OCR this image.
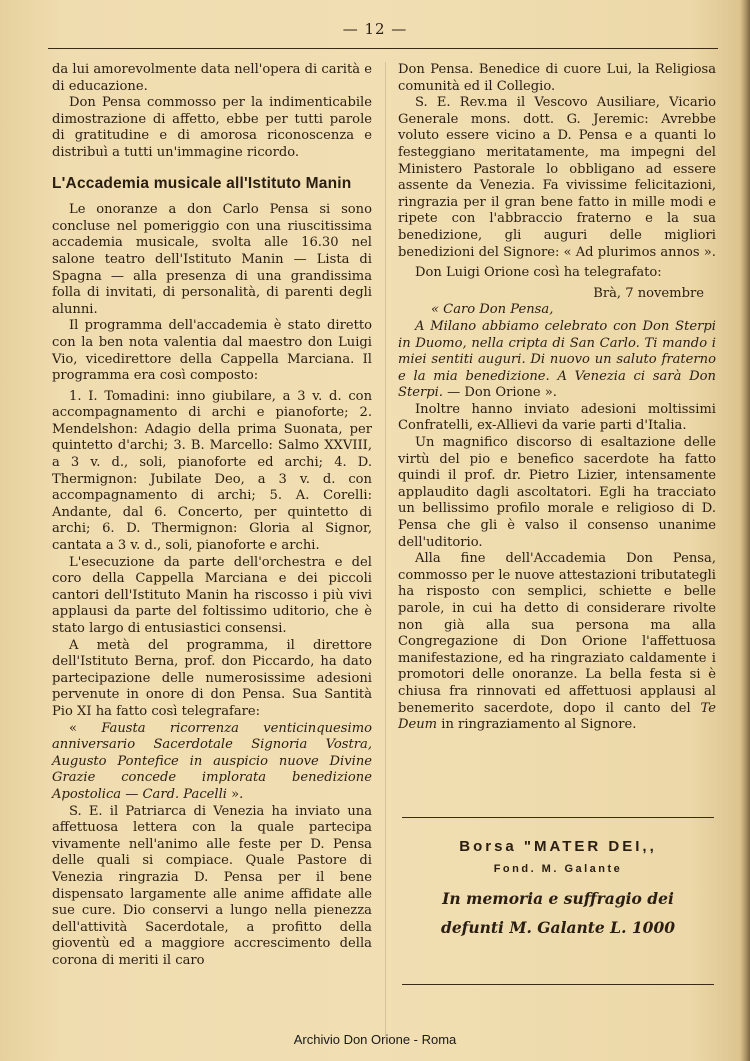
— 12 —

da lui amorevolmente data nell'opera di carità e di educazione.

Don Pensa commosso per la indimenticabile dimostrazione di affetto, ebbe per tutti parole di gratitudine e di amorosa riconoscenza e distribuì a tutti un'immagine ricordo.

L'Accademia musicale all'Istituto Manin

Le onoranze a don Carlo Pensa si sono concluse nel pomeriggio con una riuscitissima accademia musicale, svolta alle 16.30 nel salone teatro dell'Istituto Manin — Lista di Spagna — alla presenza di una grandissima folla di invitati, di personalità, di parenti degli alunni.

Il programma dell'accademia è stato diretto con la ben nota valentia dal maestro don Luigi Vio, vicedirettore della Cappella Marciana. Il programma era così composto:

1. I. Tomadini: inno giubilare, a 3 v. d. con accompagnamento di archi e pianoforte; 2. Mendelshon: Adagio della prima Suonata, per quintetto d'archi; 3. B. Marcello: Salmo XXVIII, a 3 v. d., soli, pianoforte ed archi; 4. D. Thermignon: Jubilate Deo, a 3 v. d. con accompagnamento di archi; 5. A. Corelli: Andante, dal 6. Concerto, per quintetto di archi; 6. D. Thermignon: Gloria al Signor, cantata a 3 v. d., soli, pianoforte e archi.

L'esecuzione da parte dell'orchestra e del coro della Cappella Marciana e dei piccoli cantori dell'Istituto Manin ha riscosso i più vivi applausi da parte del foltissimo uditorio, che è stato largo di entusiastici consensi.

A metà del programma, il direttore dell'Istituto Berna, prof. don Piccardo, ha dato partecipazione delle numerosissime adesioni pervenute in onore di don Pensa. Sua Santità Pio XI ha fatto così telegrafare:

« Fausta ricorrenza venticinquesimo anniversario Sacerdotale Signoria Vostra, Augusto Pontefice in auspicio nuove Divine Grazie concede implorata benedizione Apostolica — Card. Pacelli ».

S. E. il Patriarca di Venezia ha inviato una affettuosa lettera con la quale partecipa vivamente nell'animo alle feste per D. Pensa delle quali si compiace. Quale Pastore di Venezia ringrazia D. Pensa per il bene dispensato largamente alle anime affidate alle sue cure. Dio conservi a lungo nella pienezza dell'attività Sacerdotale, a profitto della gioventù ed a maggiore accrescimento della corona di meriti il caro

Don Pensa. Benedice di cuore Lui, la Religiosa comunità ed il Collegio.

S. E. Rev.ma il Vescovo Ausiliare, Vicario Generale mons. dott. G. Jeremic: Avrebbe voluto essere vicino a D. Pensa e a quanti lo festeggiano meritatamente, ma impegni del Ministero Pastorale lo obbligano ad essere assente da Venezia. Fa vivissime felicitazioni, ringrazia per il gran bene fatto in mille modi e ripete con l'abbraccio fraterno e la sua benedizione, gli auguri delle migliori benedizioni del Signore: « Ad plurimos annos ».

Don Luigi Orione così ha telegrafato:

Brà, 7 novembre

« Caro Don Pensa,

A Milano abbiamo celebrato con Don Sterpi in Duomo, nella cripta di San Carlo. Ti mando i miei sentiti auguri. Di nuovo un saluto fraterno e la mia benedizione. A Venezia ci sarà Don Sterpi. — Don Orione ».

Inoltre hanno inviato adesioni moltissimi Confratelli, ex-Allievi da varie parti d'Italia.

Un magnifico discorso di esaltazione delle virtù del pio e benefico sacerdote ha fatto quindi il prof. dr. Pietro Lizier, intensamente applaudito dagli ascoltatori. Egli ha tracciato un bellissimo profilo morale e religioso di D. Pensa che gli è valso il consenso unanime dell'uditorio.

Alla fine dell'Accademia Don Pensa, commosso per le nuove attestazioni tributategli ha risposto con semplici, schiette e belle parole, in cui ha detto di considerare rivolte non già alla sua persona ma alla Congregazione di Don Orione l'affettuosa manifestazione, ed ha ringraziato caldamente i promotori delle onoranze. La bella festa si è chiusa fra rinnovati ed affettuosi applausi al benemerito sacerdote, dopo il canto del Te Deum in ringraziamento al Signore.

Borsa "MATER DEI,,
Fond. M. Galante
In memoria e suffragio dei
defunti M. Galante L. 1000
Archivio Don Orione - Roma
